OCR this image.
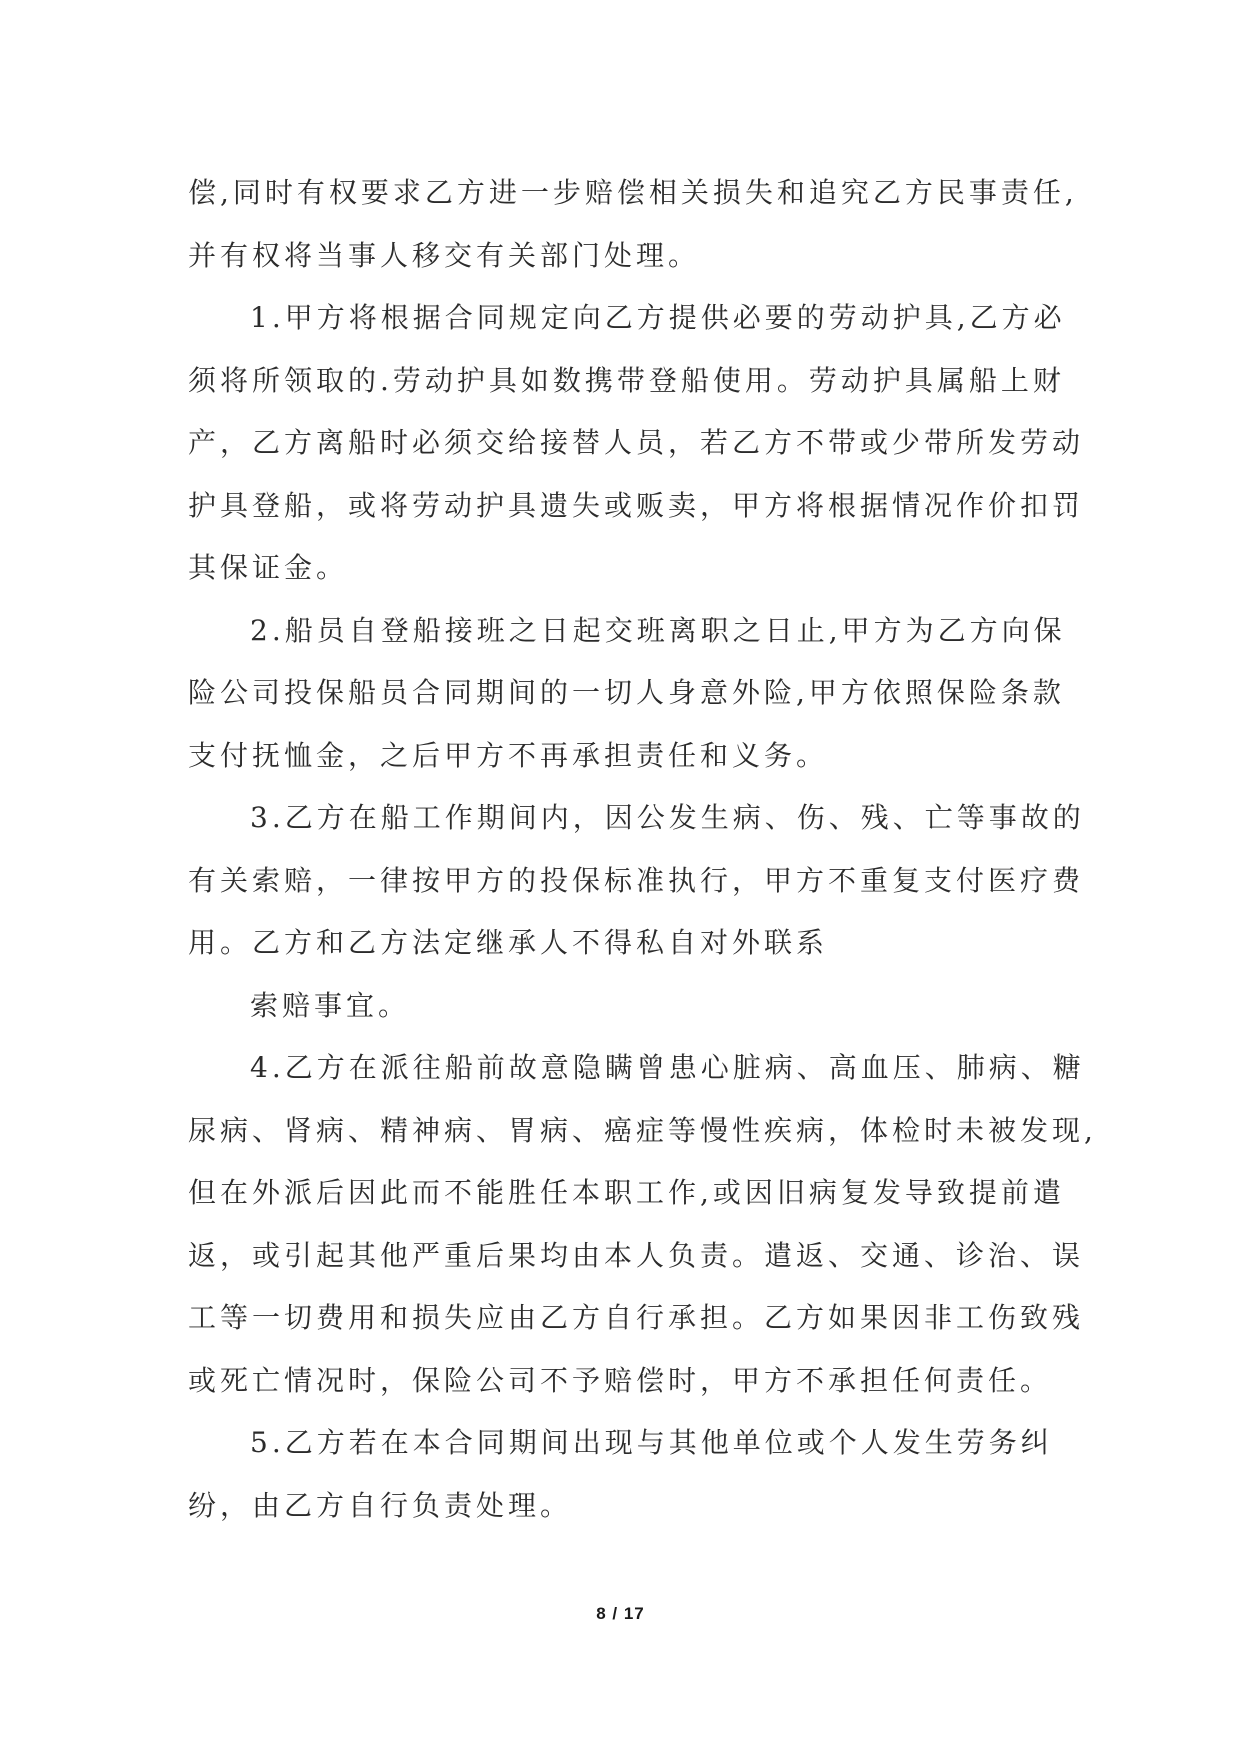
偿,同时有权要求乙方进一步赔偿相关损失和追究乙方民事责任,
并有权将当事人移交有关部门处理。
1.甲方将根据合同规定向乙方提供必要的劳动护具,乙方必
须将所领取的.劳动护具如数携带登船使用。劳动护具属船上财
产，乙方离船时必须交给接替人员，若乙方不带或少带所发劳动
护具登船，或将劳动护具遗失或贩卖，甲方将根据情况作价扣罚
其保证金。
2.船员自登船接班之日起交班离职之日止,甲方为乙方向保
险公司投保船员合同期间的一切人身意外险,甲方依照保险条款
支付抚恤金，之后甲方不再承担责任和义务。
3.乙方在船工作期间内，因公发生病、伤、残、亡等事故的
有关索赔，一律按甲方的投保标准执行，甲方不重复支付医疗费
用。乙方和乙方法定继承人不得私自对外联系
索赔事宜。
4.乙方在派往船前故意隐瞒曾患心脏病、高血压、肺病、糖
尿病、肾病、精神病、胃病、癌症等慢性疾病，体检时未被发现,
但在外派后因此而不能胜任本职工作,或因旧病复发导致提前遣
返，或引起其他严重后果均由本人负责。遣返、交通、诊治、误
工等一切费用和损失应由乙方自行承担。乙方如果因非工伤致残
或死亡情况时，保险公司不予赔偿时，甲方不承担任何责任。
5.乙方若在本合同期间出现与其他单位或个人发生劳务纠
纷，由乙方自行负责处理。
8 / 17
